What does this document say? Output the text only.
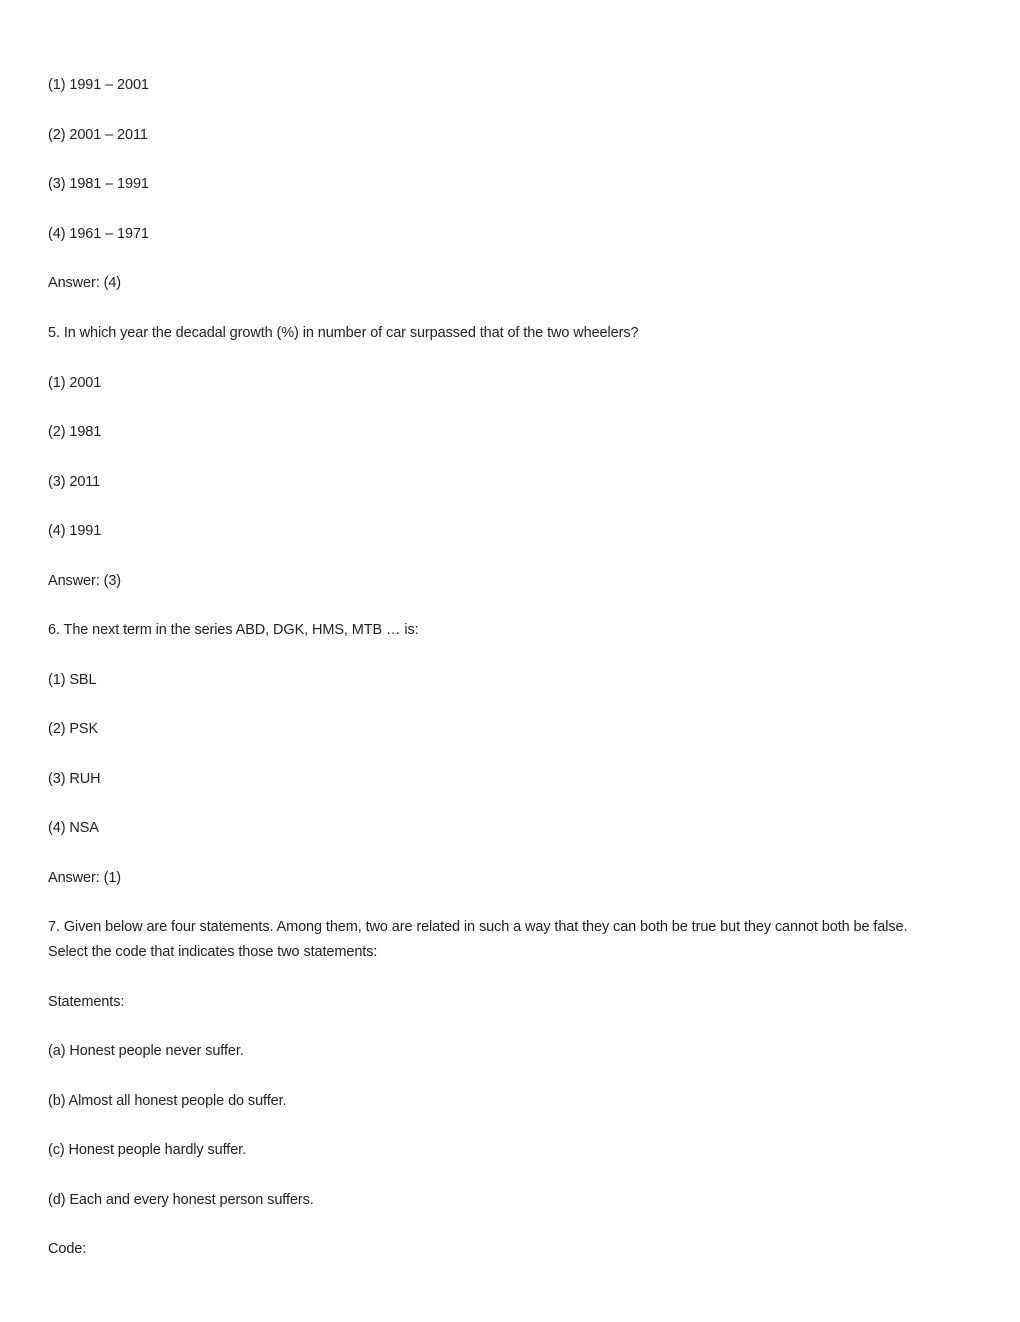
(1) 1991 – 2001
(2) 2001 – 2011
(3) 1981 – 1991
(4) 1961 – 1971
Answer: (4)
5. In which year the decadal growth (%) in number of car surpassed that of the two wheelers?
(1) 2001
(2) 1981
(3) 2011
(4) 1991
Answer: (3)
6. The next term in the series ABD, DGK, HMS, MTB … is:
(1) SBL
(2) PSK
(3) RUH
(4) NSA
Answer: (1)
7. Given below are four statements. Among them, two are related in such a way that they can both be true but they cannot both be false.
Select the code that indicates those two statements:
Statements:
(a) Honest people never suffer.
(b) Almost all honest people do suffer.
(c) Honest people hardly suffer.
(d) Each and every honest person suffers.
Code:
